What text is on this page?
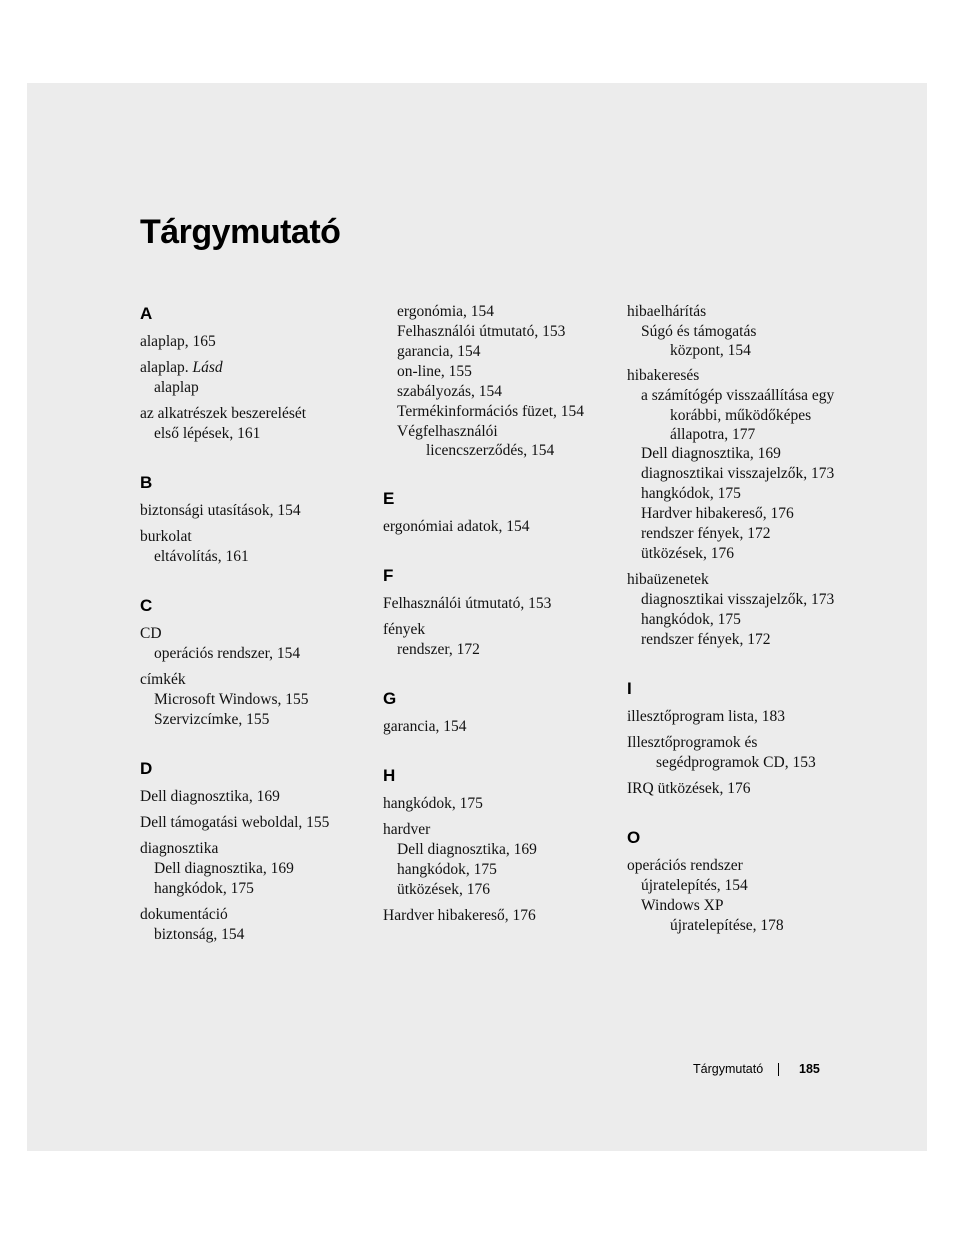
Tárgymutató
A
alaplap, 165
alaplap. Lásd
alaplap
az alkatrészek beszerelését
első lépések, 161
B
biztonsági utasítások, 154
burkolat
eltávolítás, 161
C
CD
operációs rendszer, 154
címkék
Microsoft Windows, 155
Szervizcímke, 155
D
Dell diagnosztika, 169
Dell támogatási weboldal, 155
diagnosztika
Dell diagnosztika, 169
hangkódok, 175
dokumentáció
biztonság, 154
ergonómia, 154
Felhasználói útmutató, 153
garancia, 154
on-line, 155
szabályozás, 154
Termékinformációs füzet, 154
Végfelhasználói
licencszerződés, 154
E
ergonómiai adatok, 154
F
Felhasználói útmutató, 153
fények
rendszer, 172
G
garancia, 154
H
hangkódok, 175
hardver
Dell diagnosztika, 169
hangkódok, 175
ütközések, 176
Hardver hibakereső, 176
hibaelhárítás
Súgó és támogatás
központ, 154
hibakeresés
a számítógép visszaállítása egy
korábbi, működőképes
állapotra, 177
Dell diagnosztika, 169
diagnosztikai visszajelzők, 173
hangkódok, 175
Hardver hibakereső, 176
rendszer fények, 172
ütközések, 176
hibaüzenetek
diagnosztikai visszajelzők, 173
hangkódok, 175
rendszer fények, 172
I
illesztőprogram lista, 183
Illesztőprogramok és
segédprogramok CD, 153
IRQ ütközések, 176
O
operációs rendszer
újratelepítés, 154
Windows XP
újratelepítése, 178
Tárgymutató	185
